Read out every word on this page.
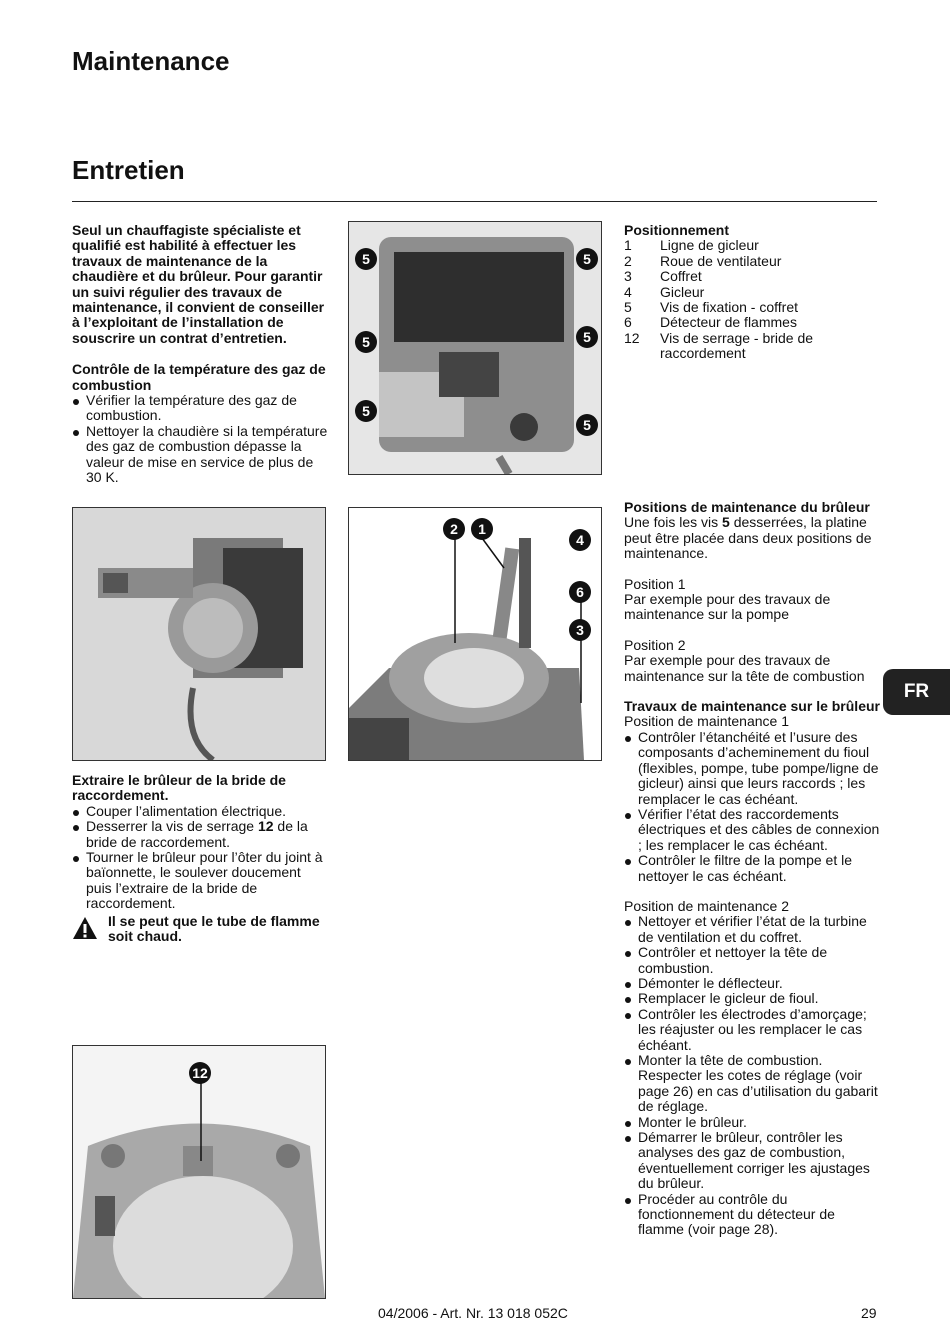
Maintenance
Entretien

Seul un chauffagiste spécialiste et qualifié est habilité à effectuer les travaux de maintenance de la chaudière et du brûleur. Pour garantir un suivi régulier des travaux de maintenance, il convient de conseiller à l’exploitant de l’installation de souscrire un contrat d’entretien.

Contrôle de la température des gaz de combustion

Vérifier la température des gaz de combustion.
Nettoyer la chaudière si la température des gaz de combustion dépasse la valeur de mise en service de plus de 30 K.

Extraire le brûleur de la bride de raccordement.

Couper l’alimentation électrique.
Desserrer la vis de serrage 12 de la bride de raccordement.
Tourner le brûleur pour l’ôter du joint à baïonnette, le soulever doucement puis l’extraire de la bride de raccordement.

Il se peut que le tube de flamme soit chaud.

12
5	5
5	5
5
5
2	1
4
6
3

Positionnement

1	Ligne de gicleur
2	Roue de ventilateur
3	Coffret
4	Gicleur
5	Vis de fixation - coffret
6	Détecteur de flammes
12	Vis de serrage - bride de raccordement

Positions de maintenance du brûleur

Une fois les vis 5 desserrées, la platine peut être placée dans deux positions de maintenance.

Position 1

Par exemple pour des travaux de maintenance sur la pompe

Position 2

Par exemple pour des travaux de maintenance sur la tête de combustion

Travaux de maintenance sur le brûleur

Position de maintenance 1

Contrôler l’étanchéité et l’usure des composants d’acheminement du fioul (flexibles, pompe, tube pompe/ligne de gicleur) ainsi que leurs raccords ; les remplacer le cas échéant.
Vérifier l’état des raccordements électriques et des câbles de connexion ; les remplacer le cas échéant.
Contrôler le filtre de la pompe et le nettoyer le cas échéant.

Position de maintenance 2

Nettoyer et vérifier l’état de la turbine de ventilation et du coffret.
Contrôler et nettoyer la tête de combustion.
Démonter le déflecteur.
Remplacer le gicleur de fioul.
Contrôler les électrodes d’amorçage; les réajuster ou les remplacer le cas échéant.
Monter la tête de combustion. Respecter les cotes de réglage (voir page 26) en cas d’utilisation du gabarit de réglage.
Monter le brûleur.
Démarrer le brûleur, contrôler les analyses des gaz de combustion, éventuellement corriger les ajustages du brûleur.
Procéder au contrôle du fonctionnement du détecteur de flamme (voir page 28).
FR
04/2006 - Art. Nr. 13 018 052C	29
